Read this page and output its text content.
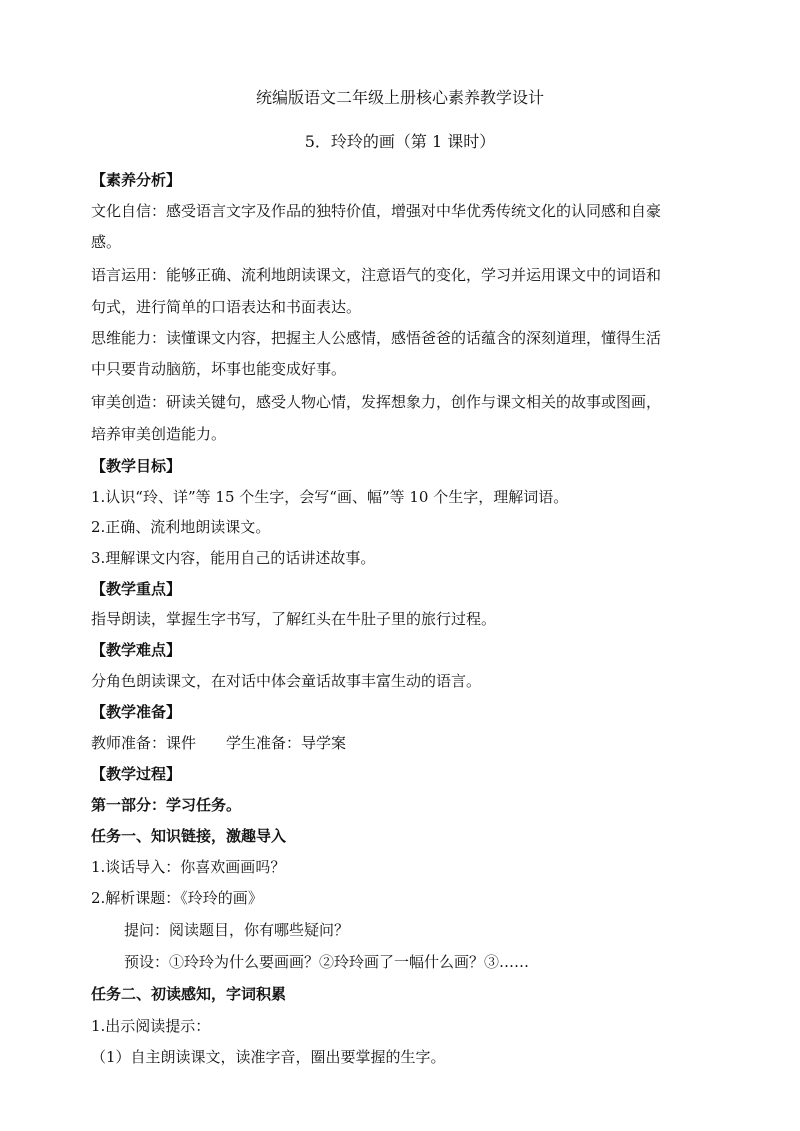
统编版语文二年级上册核心素养教学设计
5．玲玲的画（第 1 课时）
【素养分析】
文化自信：感受语言文字及作品的独特价值，增强对中华优秀传统文化的认同感和自豪
感。
语言运用：能够正确、流利地朗读课文，注意语气的变化，学习并运用课文中的词语和
句式，进行简单的口语表达和书面表达。
思维能力：读懂课文内容，把握主人公感情，感悟爸爸的话蕴含的深刻道理，懂得生活
中只要肯动脑筋，坏事也能变成好事。
审美创造：研读关键句，感受人物心情，发挥想象力，创作与课文相关的故事或图画，
培养审美创造能力。
【教学目标】
1.认识“玲、详”等 15 个生字，会写“画、幅”等 10 个生字，理解词语。
2.正确、流利地朗读课文。
3.理解课文内容，能用自己的话讲述故事。
【教学重点】
指导朗读，掌握生字书写，了解红头在牛肚子里的旅行过程。
【教学难点】
分角色朗读课文，在对话中体会童话故事丰富生动的语言。
【教学准备】
教师准备：课件　　学生准备：导学案
【教学过程】
第一部分：学习任务。
任务一、知识链接，激趣导入
1.谈话导入：你喜欢画画吗？
2.解析课题：《玲玲的画》
提问：阅读题目，你有哪些疑问？
预设：①玲玲为什么要画画？②玲玲画了一幅什么画？③……
任务二、初读感知，字词积累
1.出示阅读提示：
（1）自主朗读课文，读准字音，圈出要掌握的生字。
